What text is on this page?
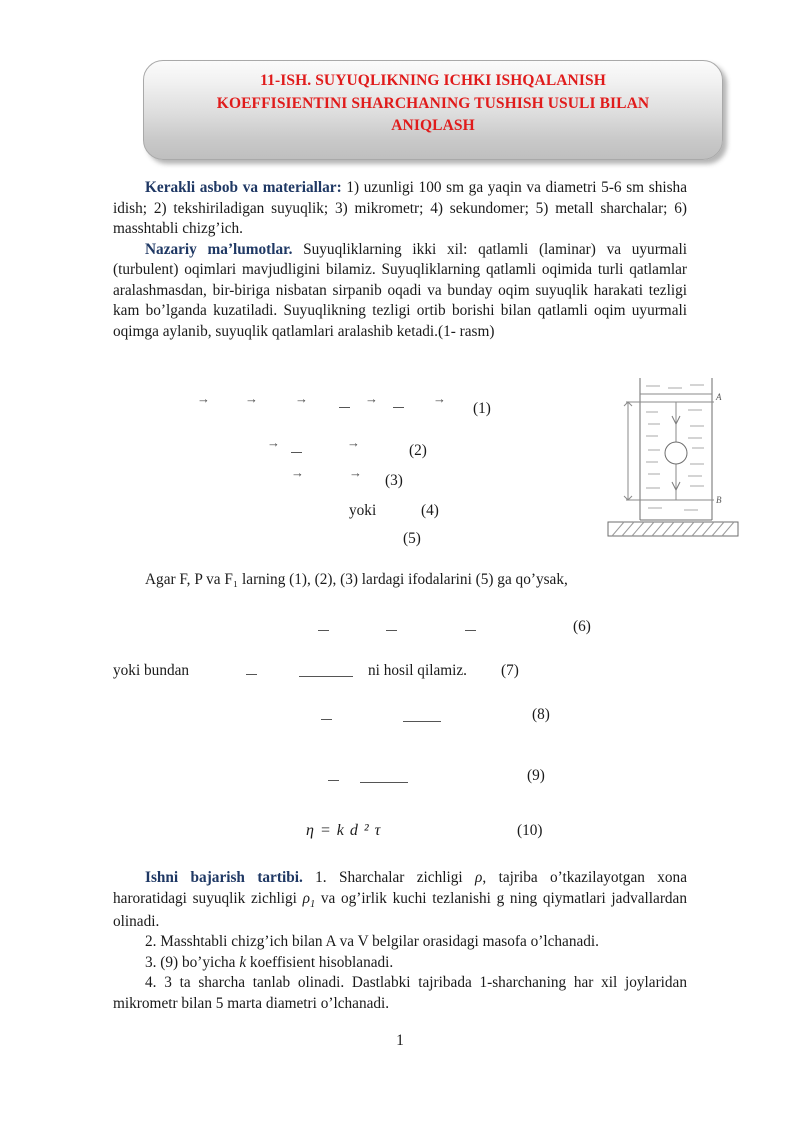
11-ISH. SUYUQLIKNING ICHKI ISHQALANISH
KOEFFISIENTINI SHARCHANING TUSHISH USULI BILAN
ANIQLASH

Kerakli asbob va materiallar: 1) uzunligi 100 sm ga yaqin va diametri 5-6 sm shisha idish; 2) tekshiriladigan suyuqlik; 3) mikrometr; 4) sekundomer; 5) metall sharchalar; 6) masshtabli chizg’ich.

Nazariy ma’lumotlar. Suyuqliklarning ikki xil: qatlamli (laminar) va uyurmali (turbulent) oqimlari mavjudligini bilamiz. Suyuqliklarning qatlamli oqimida turli qatlamlar aralashmasdan, bir-biriga nisbatan sirpanib oqadi va bunday oqim suyuqlik harakati tezligi kam bo’lganda kuzatiladi. Suyuqlikning tezligi ortib borishi bilan qatlamli oqim uyurmali oqimga aylanib, suyuqlik qatlamlari aralashib ketadi.(1- rasm)

→	→	→	→	→
(1)
→	→	(2)
→	→ (3)
yoki	(4)
(5)
A
B

Agar F, P va F₁ larning (1), (2), (3) lardagi ifodalarini (5) ga qo’ysak,

(6)
yoki bundan	ni hosil qilamiz. (7)
(8)
(9)
η = k d ² τ	(10)

Ishni bajarish tartibi. 1. Sharchalar zichligi ρ, tajriba o’tkazilayotgan xona haroratidagi suyuqlik zichligi $\rho_1$ va og’irlik kuchi tezlanishi g ning qiymatlari jadvallardan olinadi.

2. Masshtabli chizg’ich bilan A va V belgilar orasidagi masofa o’lchanadi.

3. (9) bo’yicha k koeffisient hisoblanadi.

4. 3 ta sharcha tanlab olinadi. Dastlabki tajribada 1-sharchaning har xil joylaridan mikrometr bilan 5 marta diametri o’lchanadi.

1
